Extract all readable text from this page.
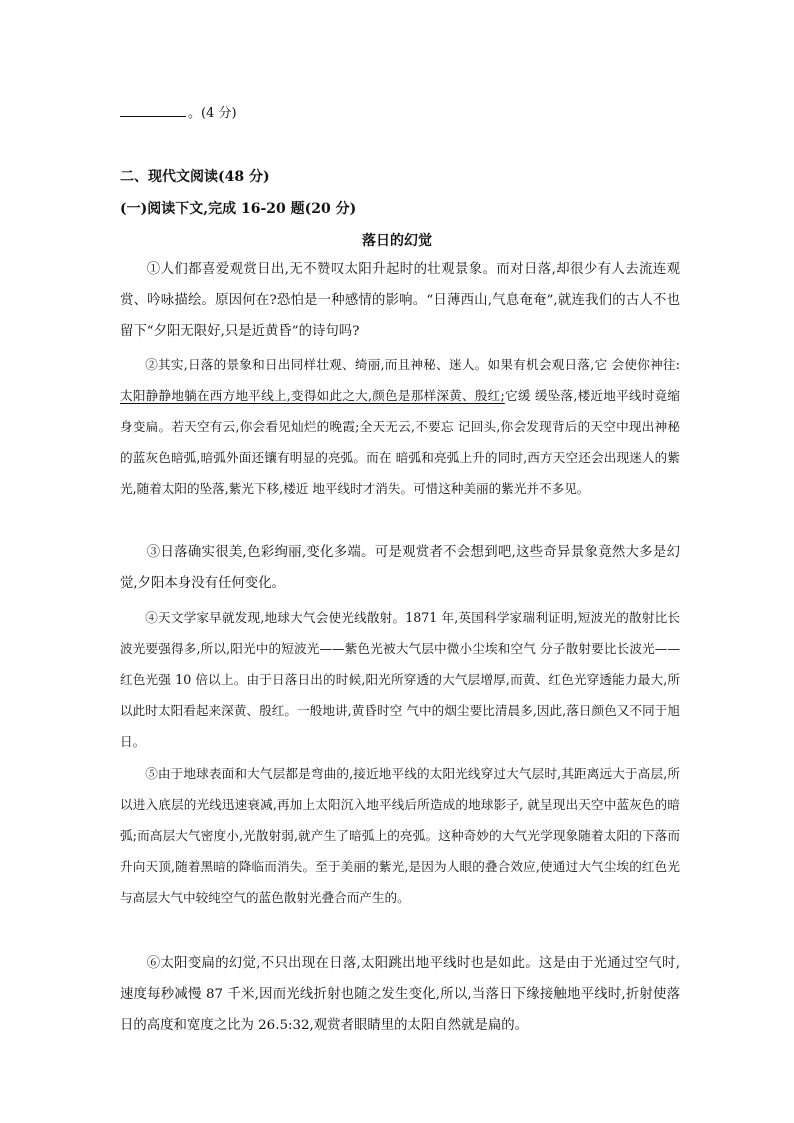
。(4 分)
二、现代文阅读(48 分)
(一)阅读下文,完成 16-20 题(20 分)
落日的幻觉

①人们都喜爱观赏日出,无不赞叹太阳升起时的壮观景象。而对日落,却很少有人去流连观赏、吟咏描绘。原因何在?恐怕是一种感情的影响。“日薄西山,气息奄奄”,就连我们的古人不也留下“夕阳无限好,只是近黄昏”的诗句吗?

②其实,日落的景象和日出同样壮观、绮丽,而且神秘、迷人。如果有机会观日落,它 会使你神往:太阳静静地躺在西方地平线上,变得如此之大,颜色是那样深黄、殷红;它缓 缓坠落,楼近地平线时竟缩身变扁。若天空有云,你会看见灿烂的晚霞;全天无云,不要忘 记回头,你会发现背后的天空中现出神秘的蓝灰色暗弧,暗弧外面还镶有明显的亮弧。而在 暗弧和亮弧上升的同时,西方天空还会出现迷人的紫光,随着太阳的坠落,紫光下移,楼近 地平线时才消失。可惜这种美丽的紫光并不多见。

③日落确实很美,色彩绚丽,变化多端。可是观赏者不会想到吧,这些奇异景象竟然大多是幻觉,夕阳本身没有任何变化。

④天文学家早就发现,地球大气会使光线散射。1871 年,英国科学家瑞利证明,短波光的散射比长波光要强得多,所以,阳光中的短波光——紫色光被大气层中微小尘埃和空气 分子散射要比长波光——红色光强 10 倍以上。由于日落日出的时候,阳光所穿透的大气层增厚,而黄、红色光穿透能力最大,所以此时太阳看起来深黄、殷红。一般地讲,黄昏时空 气中的烟尘要比清晨多,因此,落日颜色又不同于旭日。

⑤由于地球表面和大气层都是弯曲的,接近地平线的太阳光线穿过大气层时,其距离远大于高层,所以进入底层的光线迅速衰减,再加上太阳沉入地平线后所造成的地球影子, 就呈现出天空中蓝灰色的暗弧;而高层大气密度小,光散射弱,就产生了暗弧上的亮弧。这种奇妙的大气光学现象随着太阳的下落而升向天顶,随着黑暗的降临而消失。至于美丽的紫光,是因为人眼的叠合效应,使通过大气尘埃的红色光与高层大气中较纯空气的蓝色散射光叠合而产生的。

⑥太阳变扁的幻觉,不只出现在日落,太阳跳出地平线时也是如此。这是由于光通过空气时,速度每秒减慢 87 千米,因而光线折射也随之发生变化,所以,当落日下缘接触地平线时,折射使落日的高度和宽度之比为 26.5:32,观赏者眼睛里的太阳自然就是扁的。
